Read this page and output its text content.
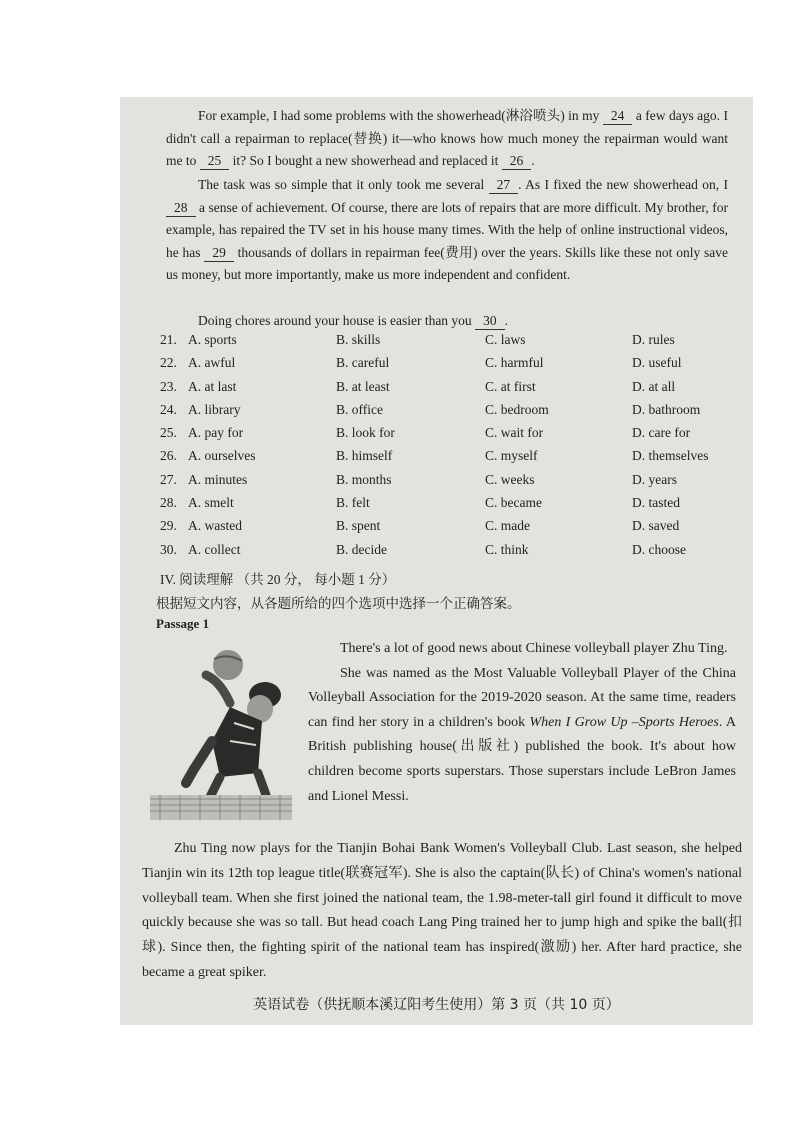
For example, I had some problems with the showerhead(淋浴喷头) in my 24 a few days ago. I didn't call a repairman to replace(替换) it—who knows how much money the repairman would want me to 25 it? So I bought a new showerhead and replaced it 26 .
The task was so simple that it only took me several 27 . As I fixed the new showerhead on, I 28 a sense of achievement. Of course, there are lots of repairs that are more difficult. My brother, for example, has repaired the TV set in his house many times. With the help of online instructional videos, he has 29 thousands of dollars in repairman fee(费用) over the years. Skills like these not only save us money, but more importantly, make us more independent and confident.
Doing chores around your house is easier than you 30 .
21. A. sports	B. skills	C. laws	D. rules
22. A. awful	B. careful	C. harmful	D. useful
23. A. at last	B. at least	C. at first	D. at all
24. A. library	B. office	C. bedroom	D. bathroom
25. A. pay for	B. look for	C. wait for	D. care for
26. A. ourselves	B. himself	C. myself	D. themselves
27. A. minutes	B. months	C. weeks	D. years
28. A. smelt	B. felt	C. became	D. tasted
29. A. wasted	B. spent	C. made	D. saved
30. A. collect	B. decide	C. think	D. choose
IV. 阅读理解 （共 20 分， 每小题 1 分）
根据短文内容，从各题所给的四个选项中选择一个正确答案。
Passage 1
There's a lot of good news about Chinese volleyball player Zhu Ting.
She was named as the Most Valuable Volleyball Player of the China Volleyball Association for the 2019-2020 season. At the same time, readers can find her story in a children's book When I Grow Up –Sports Heroes. A British publishing house(出版社) published the book. It's about how children become sports superstars. Those superstars include LeBron James and Lionel Messi.
Zhu Ting now plays for the Tianjin Bohai Bank Women's Volleyball Club. Last season, she helped Tianjin win its 12th top league title(联赛冠军). She is also the captain(队长) of China's women's national volleyball team. When she first joined the national team, the 1.98-meter-tall girl found it difficult to move quickly because she was so tall. But head coach Lang Ping trained her to jump high and spike the ball(扣球). Since then, the fighting spirit of the national team has inspired(激励) her. After hard practice, she became a great spiker.
英语试卷（供抚顺本溪辽阳考生使用）第 3 页（共 10 页）
